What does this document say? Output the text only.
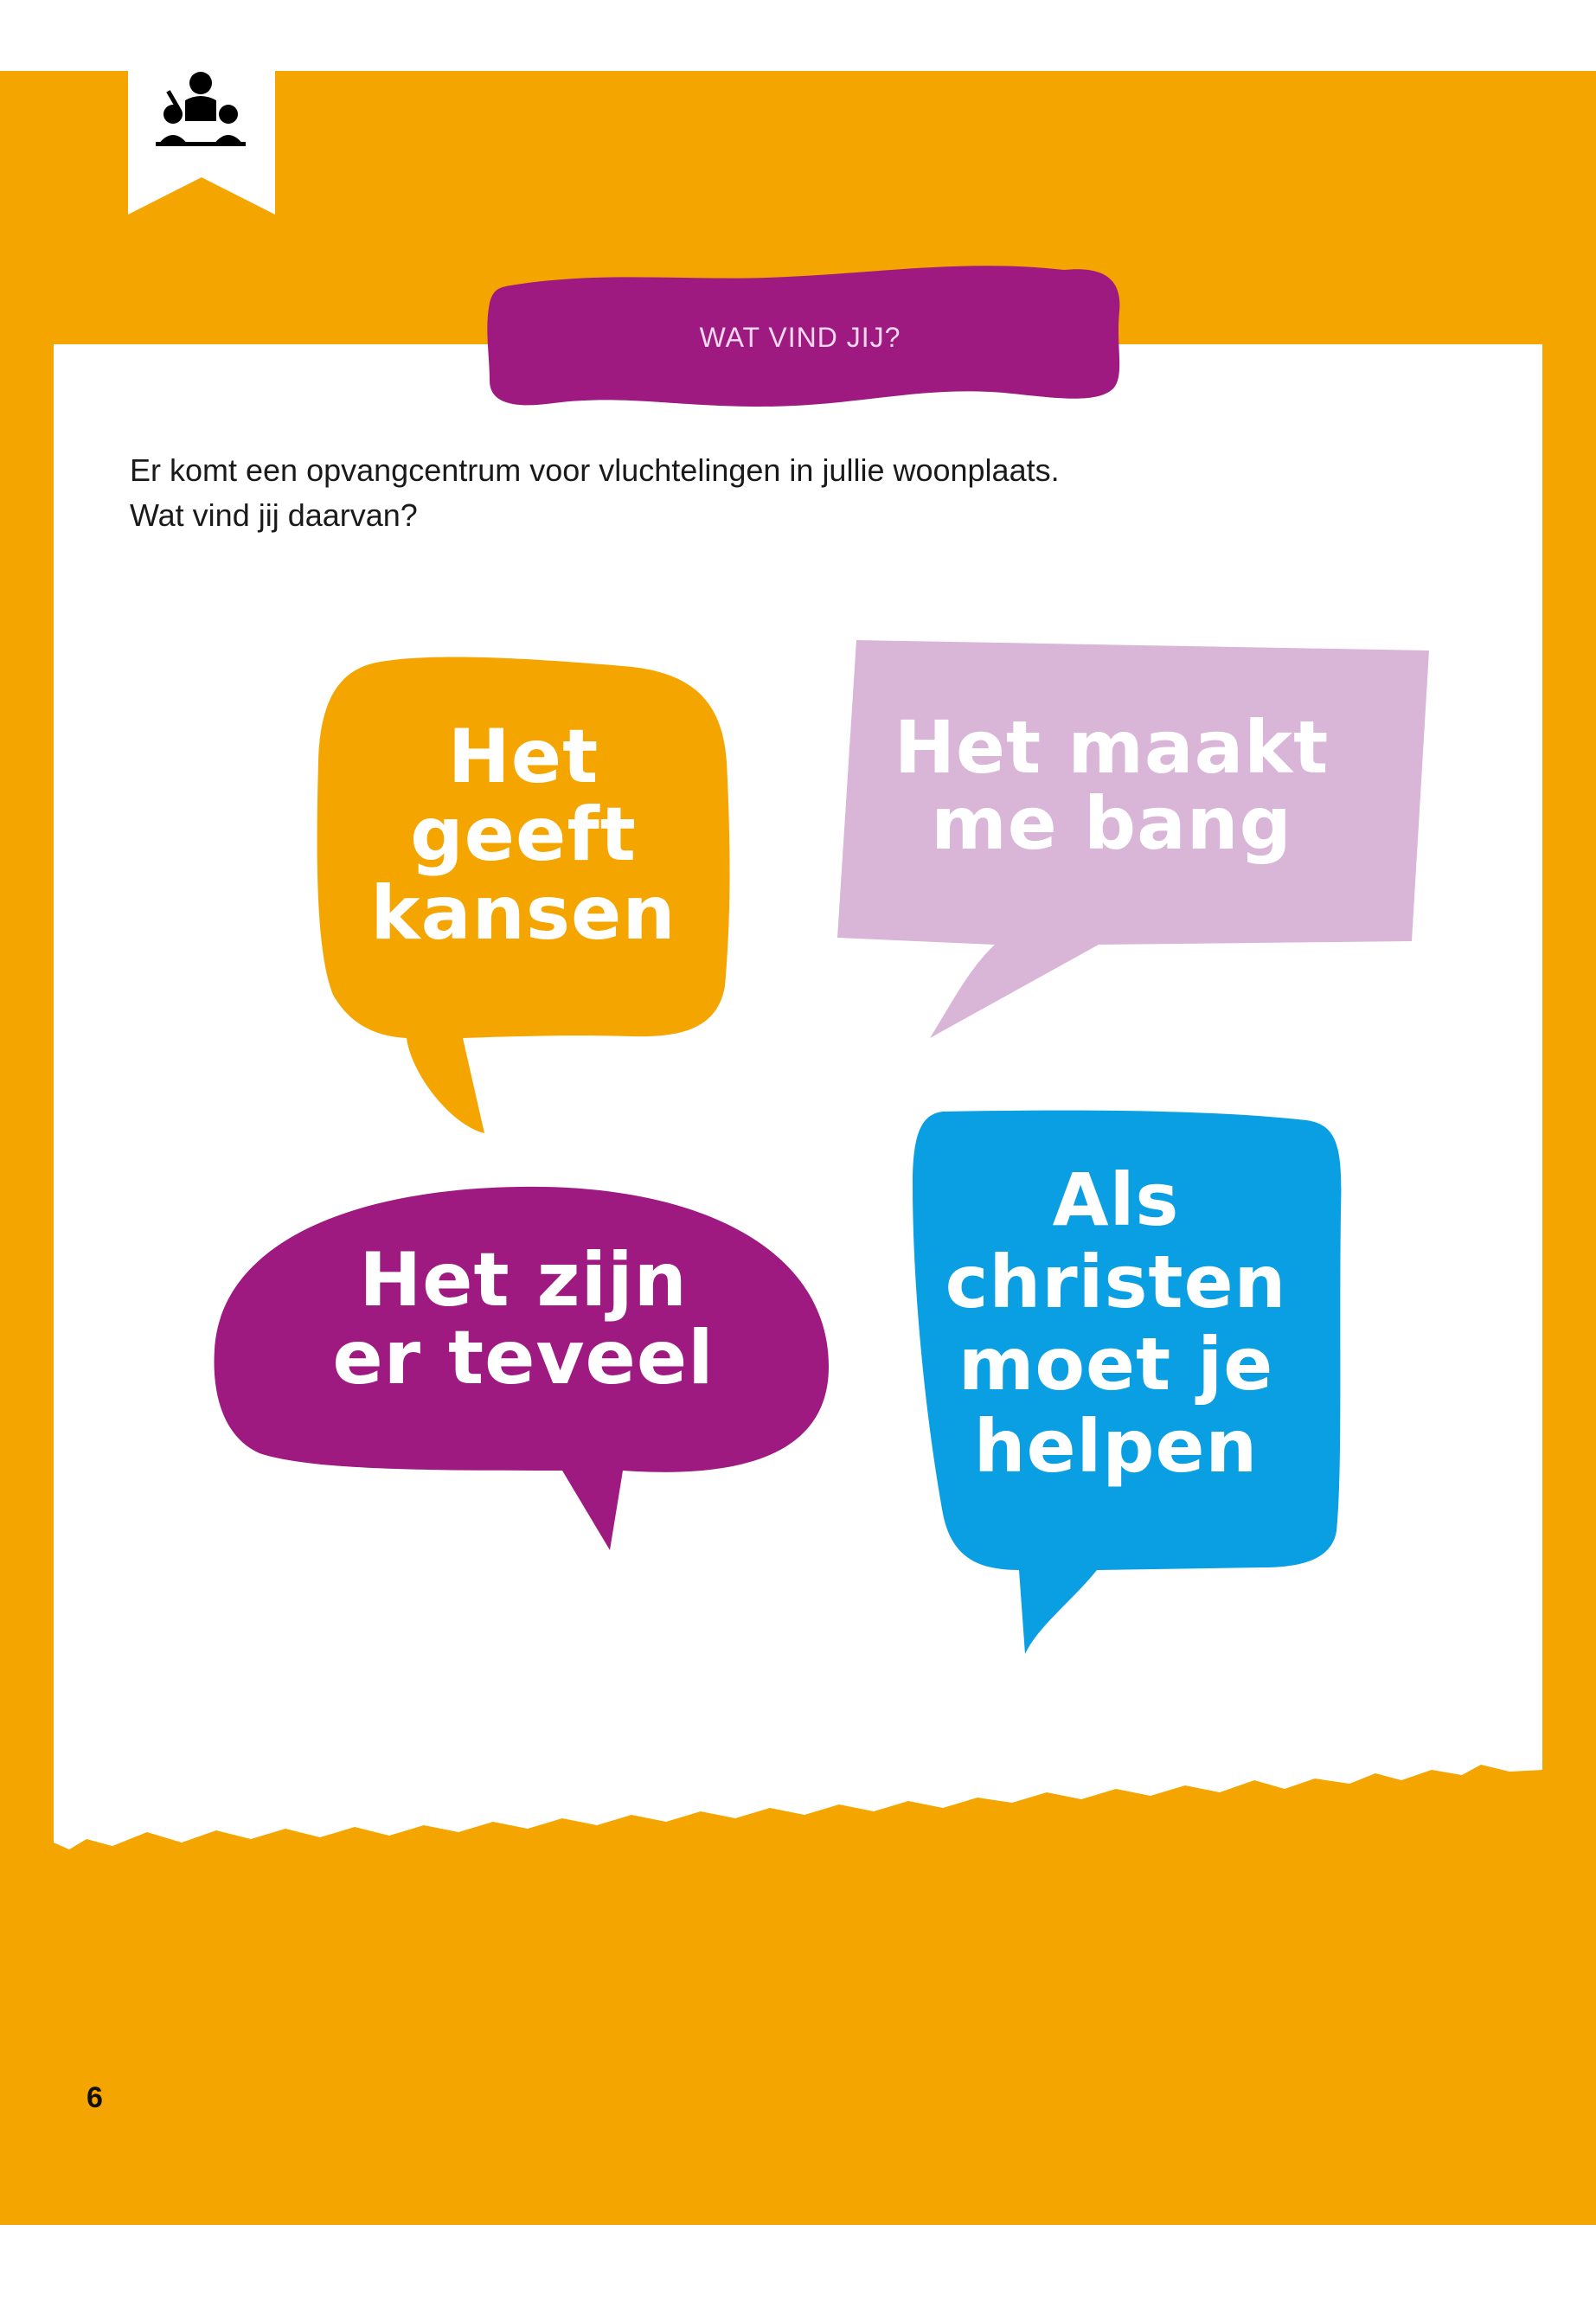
WAT VIND JIJ?

Er komt een opvangcentrum voor vluchtelingen in jullie woonplaats.
Wat vind jij daarvan?
Het
geeft
kansen
Het maakt
me bang
Het zijn
er teveel
Als
christen
moet je
helpen

6
